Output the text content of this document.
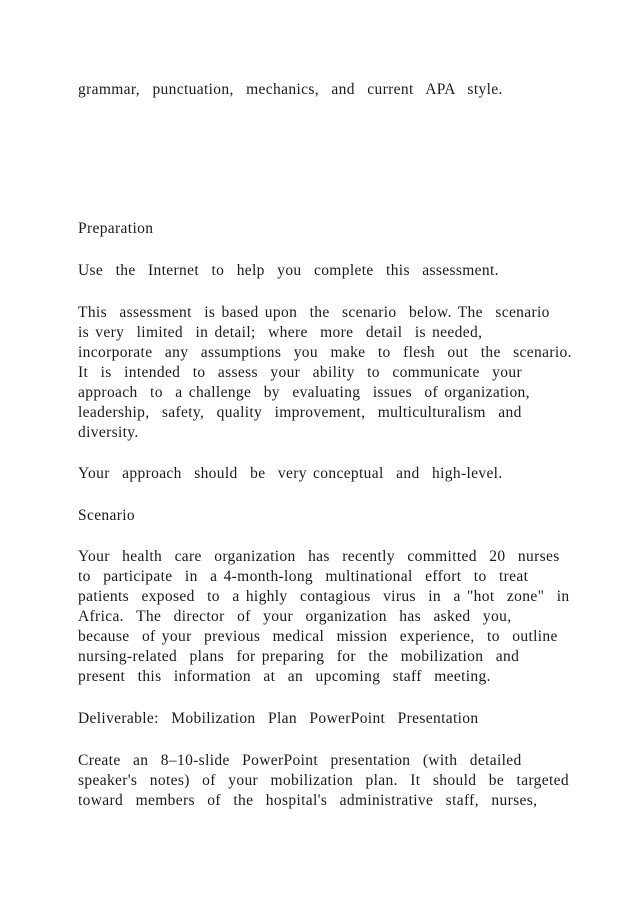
grammar,  punctuation,  mechanics,  and  current  APA  style.

Preparation

Use  the  Internet  to  help  you  complete  this  assessment.

This  assessment  is based upon  the  scenario  below. The  scenario

is very  limited  in detail;  where  more  detail  is needed,

incorporate  any  assumptions  you  make  to  flesh  out  the  scenario.

It  is  intended  to  assess  your  ability  to  communicate  your

approach  to  a challenge  by  evaluating  issues  of organization,

leadership,  safety,  quality  improvement,  multiculturalism  and

diversity.

Your  approach  should  be  very conceptual  and  high-level.

Scenario

Your  health  care  organization  has  recently  committed  20  nurses

to  participate  in  a 4-month-long  multinational  effort  to  treat

patients  exposed  to  a highly  contagious  virus  in  a "hot  zone"  in

Africa.  The  director  of  your  organization  has  asked  you,

because  of your  previous  medical  mission  experience,  to  outline

nursing-related  plans  for preparing  for  the  mobilization  and

present  this  information  at  an  upcoming  staff  meeting.

Deliverable:  Mobilization  Plan  PowerPoint  Presentation

Create  an  8–10-slide  PowerPoint  presentation  (with  detailed

speaker's  notes)  of  your  mobilization  plan.  It  should  be  targeted

toward  members  of  the  hospital's  administrative  staff,  nurses,
